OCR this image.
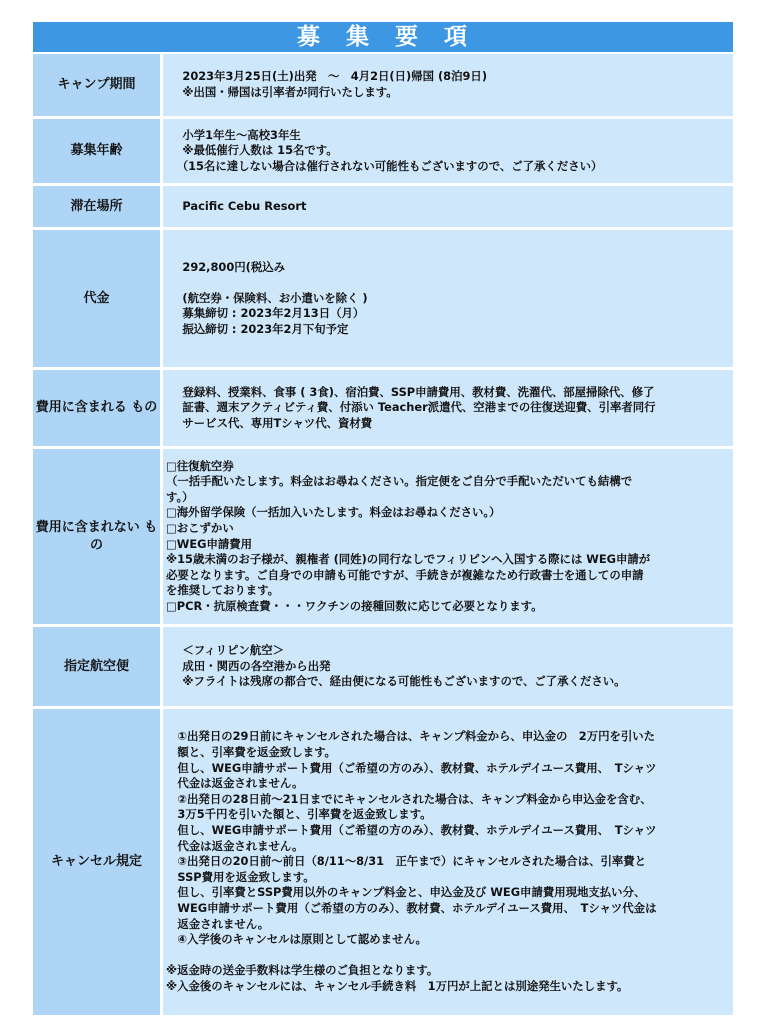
募 集 要 項
キャンプ期間
　2023年3月25日(土)出発　～　4月2日(日)帰国 (8泊9日)
　※出国・帰国は引率者が同行いたします。
募集年齢
　小学1年生～高校3年生
　※最低催行人数は 15名です。
　（15名に達しない場合は催行されない可能性もございますので、ご了承ください）
滞在場所	　Pacific Cebu Resort
代金
　292,800円(税込み
　(航空券・保険料、お小遣いを除く )
　募集締切 : 2023年2月13日（月）
　振込締切 : 2023年2月下旬予定
費用に含まれる もの
　登録料、授業料、食事 ( 3食)、宿泊費、SSP申請費用、教材費、洗濯代、部屋掃除代、修了
　証書、週末アクティビティ費、付添い Teacher派遣代、空港までの往復送迎費、引率者同行
　サービス代、専用Tシャツ代、資材費
費用に含まれない もの
□往復航空券
（一括手配いたします。料金はお尋ねください。指定便をご自分で手配いただいても結構で
す。）
□海外留学保険（一括加入いたします。料金はお尋ねください。）
□おこずかい
□WEG申請費用
※15歳未満のお子様が、親権者 (同姓)の同行なしでフィリピンへ入国する際には WEG申請が
必要となります。ご自身での申請も可能ですが、手続きが複雑なため行政書士を通しての申請
を推奨しております。
□PCR・抗原検査費・・・ワクチンの接種回数に応じて必要となります。
指定航空便
　＜フィリピン航空＞
　成田・関西の各空港から出発
　※フライトは残席の都合で、経由便になる可能性もございますので、ご了承ください。
キャンセル規定
　①出発日の29日前にキャンセルされた場合は、キャンプ料金から、申込金の　2万円を引いた
　額と、引率費を返金致します。
　但し、WEG申請サポート費用（ご希望の方のみ）、教材費、ホテルデイユース費用、　Tシャツ
　代金は返金されません。
　②出発日の28日前～21日までにキャンセルされた場合は、キャンプ料金から申込金を含む、
　3万5千円を引いた額と、引率費を返金致します。
　但し、WEG申請サポート費用（ご希望の方のみ）、教材費、ホテルデイユース費用、　Tシャツ
　代金は返金されません。
　③出発日の20日前～前日（8/11～8/31　正午まで）にキャンセルされた場合は、引率費と
　SSP費用を返金致します。
　但し、引率費とSSP費用以外のキャンプ料金と、申込金及び WEG申請費用現地支払い分、
　WEG申請サポート費用（ご希望の方のみ）、教材費、ホテルデイユース費用、　Tシャツ代金は
　返金されません。
　④入学後のキャンセルは原則として認めません。
※返金時の送金手数料は学生様のご負担となります。
※入金後のキャンセルには、キャンセル手続き料　1万円が上記とは別途発生いたします。
